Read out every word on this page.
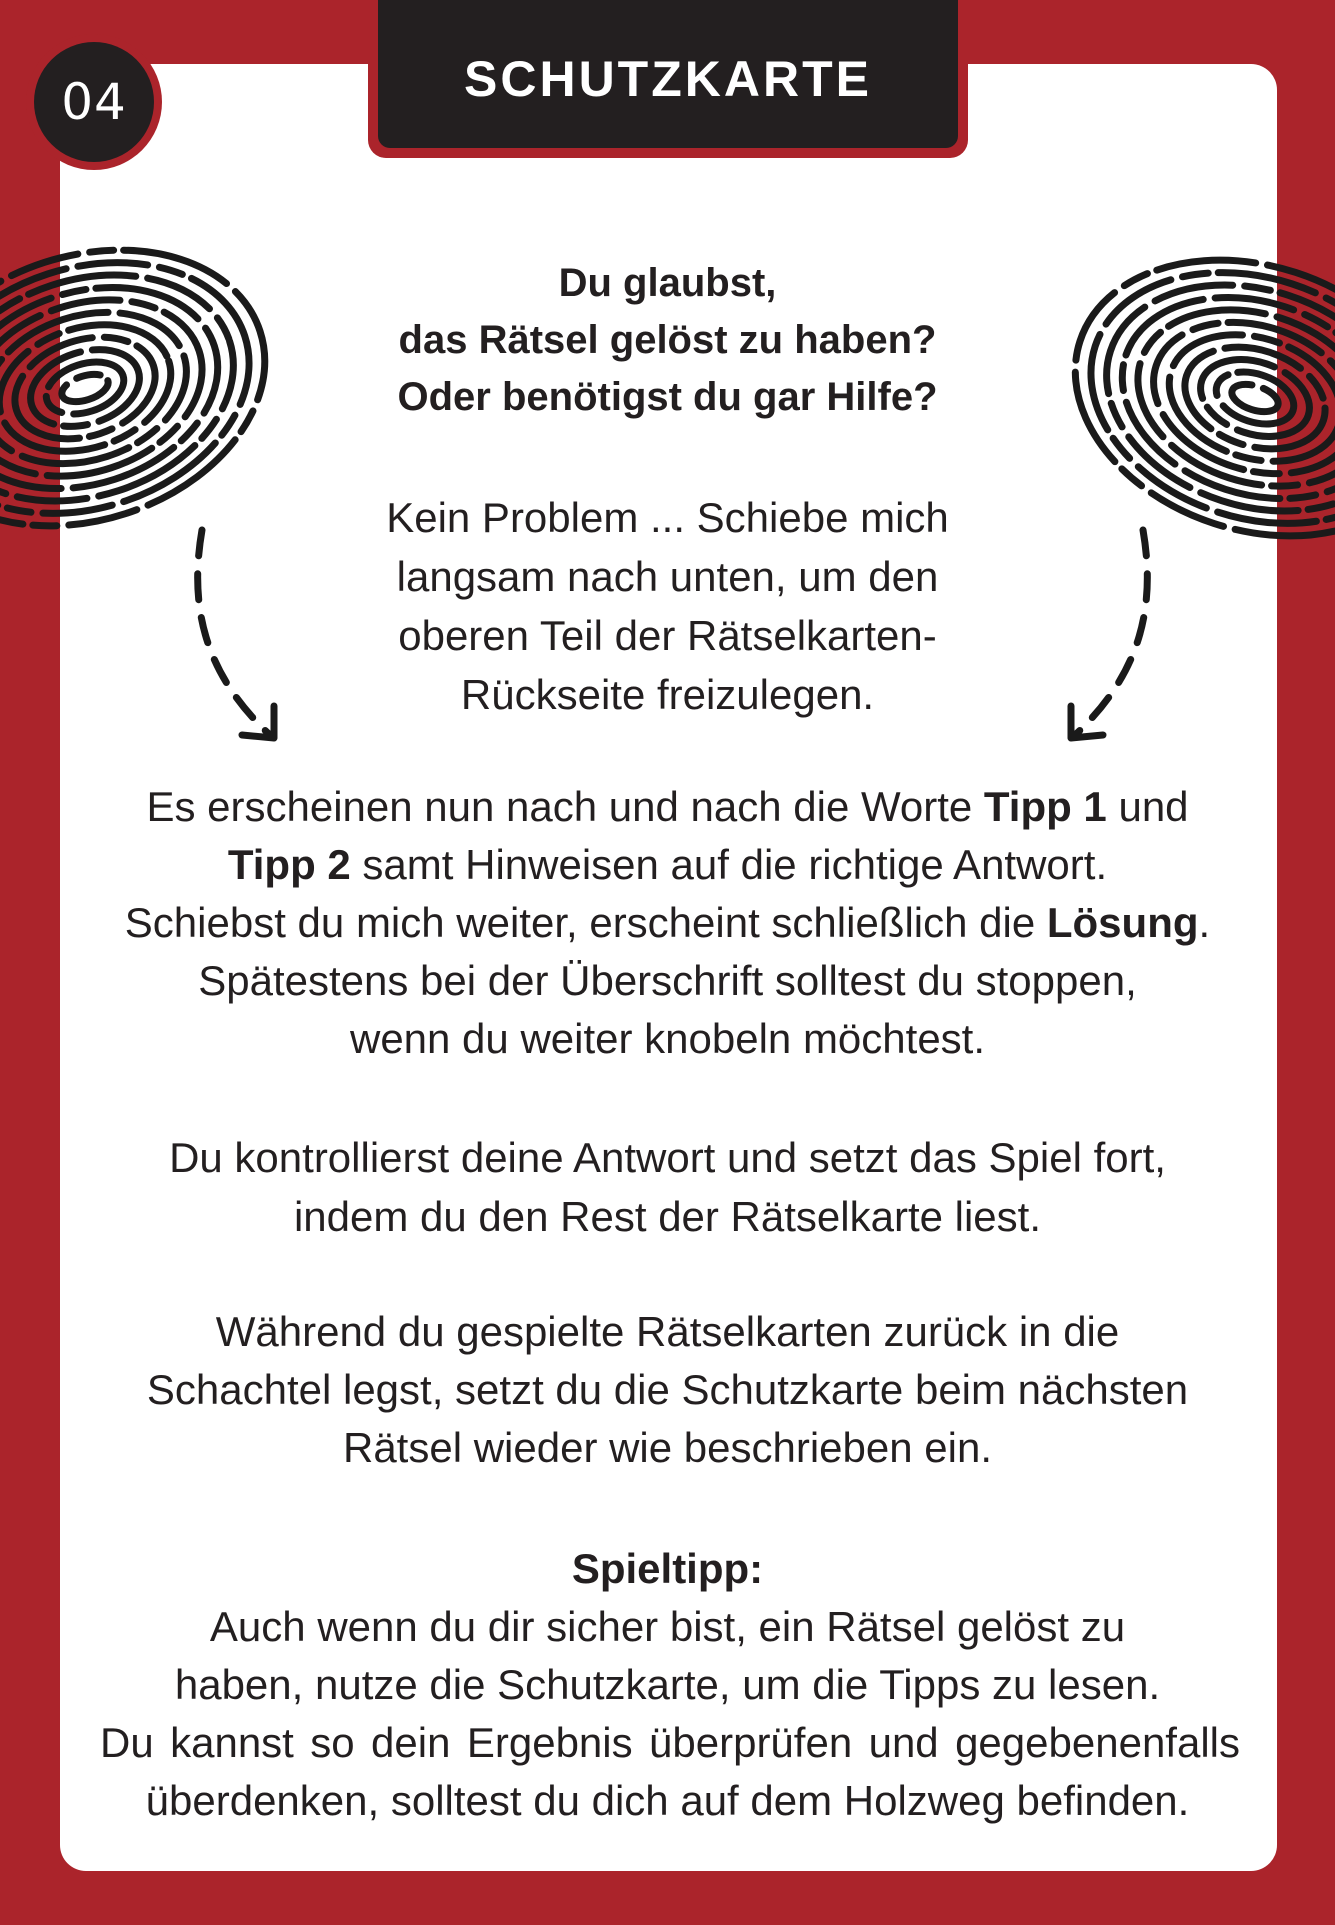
SCHUTZKARTE
04
Du glaubst,
das Rätsel gelöst zu haben?
Oder benötigst du gar Hilfe?
Kein Problem ... Schiebe mich
langsam nach unten, um den
oberen Teil der Rätselkarten-
Rückseite freizulegen.
Es erscheinen nun nach und nach die Worte Tipp 1 und
Tipp 2 samt Hinweisen auf die richtige Antwort.
Schiebst du mich weiter, erscheint schließlich die Lösung.
Spätestens bei der Überschrift solltest du stoppen,
wenn du weiter knobeln möchtest.
Du kontrollierst deine Antwort und setzt das Spiel fort,
indem du den Rest der Rätselkarte liest.
Während du gespielte Rätselkarten zurück in die
Schachtel legst, setzt du die Schutzkarte beim nächsten
Rätsel wieder wie beschrieben ein.
Spieltipp:
Auch wenn du dir sicher bist, ein Rätsel gelöst zu
haben, nutze die Schutzkarte, um die Tipps zu lesen.
Du kannst so dein Ergebnis überprüfen und gegebenenfalls
überdenken, solltest du dich auf dem Holzweg befinden.
